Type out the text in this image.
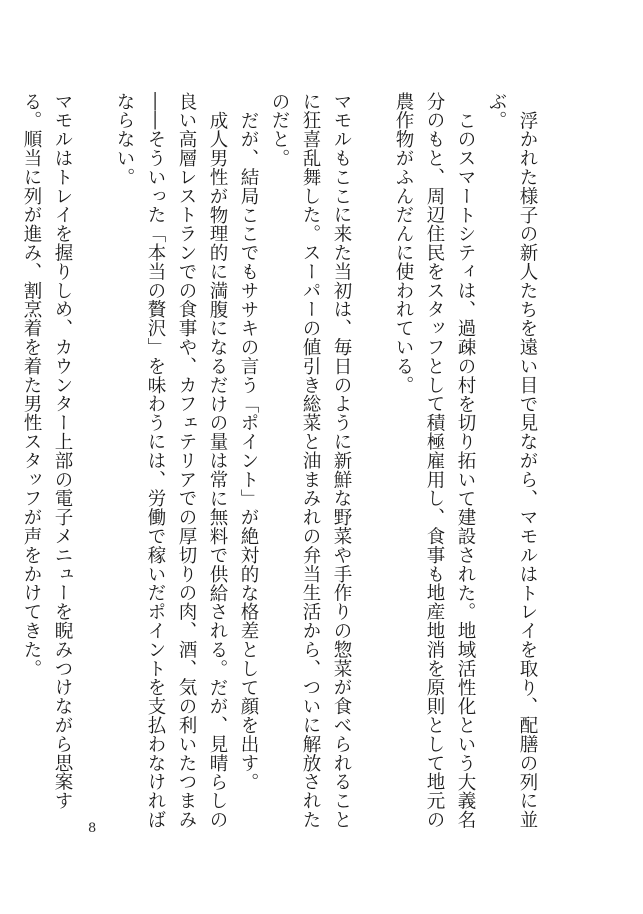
浮かれた様子の新人たちを遠い目で見ながら、マモルはトレイを取り、配膳の列に並ぶ。

このスマートシティは、過疎の村を切り拓いて建設された。地域活性化という大義名分のもと、周辺住民をスタッフとして積極雇用し、食事も地産地消を原則として地元の農作物がふんだんに使われている。

マモルもここに来た当初は、毎日のように新鮮な野菜や手作りの惣菜が食べられることに狂喜乱舞した。スーパーの値引き総菜と油まみれの弁当生活から、ついに解放されたのだと。

だが、結局ここでもササキの言う「ポイント」が絶対的な格差として顔を出す。

成人男性が物理的に満腹になるだけの量は常に無料で供給される。だが、見晴らしの良い高層レストランでの食事や、カフェテリアでの厚切りの肉、酒、気の利いたつまみ――そういった「本当の贅沢」を味わうには、労働で稼いだポイントを支払わなければならない。

マモルはトレイを握りしめ、カウンター上部の電子メニューを睨みつけながら思案する。順当に列が進み、割烹着を着た男性スタッフが声をかけてきた。

8
